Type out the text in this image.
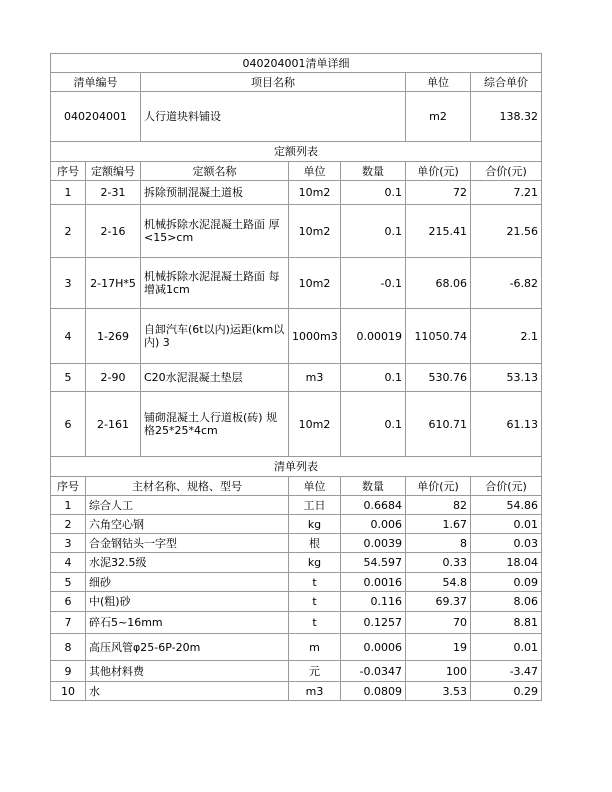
040204001清单详细						
清单编号		项目名称			单位	综合单价
040204001		人行道块料铺设			m2	138.32
定额列表						
序号	定额编号	定额名称	单位	数量	单价(元)	合价(元)
1	2-31	拆除预制混凝土道板	10m2	0.1	72	7.21
2	2-16	机械拆除水泥混凝土路面 厚<15>cm	10m2	0.1	215.41	21.56
3	2-17H*5	机械拆除水泥混凝土路面 每增减1cm	10m2	-0.1	68.06	-6.82
4	1-269	自卸汽车(6t以内)运距(km以内) 3	1000m3	0.00019	11050.74	2.1
5	2-90	C20水泥混凝土垫层	m3	0.1	530.76	53.13
6	2-161	铺砌混凝土人行道板(砖) 规格25*25*4cm	10m2	0.1	610.71	61.13
清单列表						
序号	主材名称、规格、型号		单位	数量	单价(元)	合价(元)
1	综合人工		工日	0.6684	82	54.86
2	六角空心钢		kg	0.006	1.67	0.01
3	合金钢钻头一字型		根	0.0039	8	0.03
4	水泥32.5级		kg	54.597	0.33	18.04
5	细砂		t	0.0016	54.8	0.09
6	中(粗)砂		t	0.116	69.37	8.06
7	碎石5~16mm		t	0.1257	70	8.81
8	高压风管φ25-6P-20m		m	0.0006	19	0.01
9	其他材料费		元	-0.0347	100	-3.47
10	水		m3	0.0809	3.53	0.29
